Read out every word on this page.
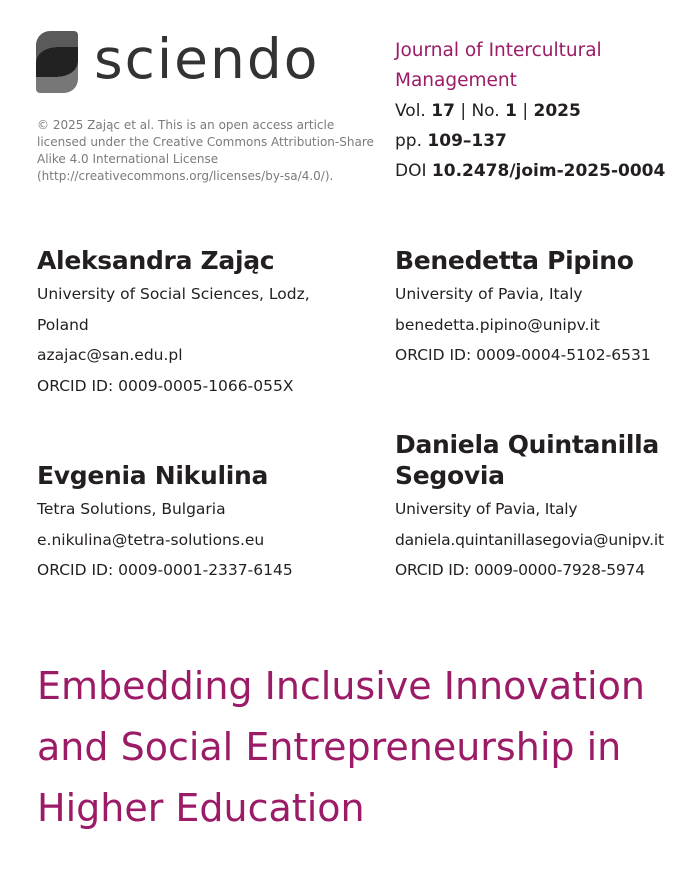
sciendo
© 2025 Zając et al. This is an open access article licensed under the Creative Commons Attribution-Share Alike 4.0 International License (http://creativecommons.org/licenses/by-sa/4.0/).

Journal of Intercultural Management

Vol. 17 | No. 1 | 2025

pp. 109–137

DOI 10.2478/joim-2025-0004

Aleksandra Zając

University of Social Sciences, Lodz,
Poland

azajac@san.edu.pl

ORCID ID: 0009-0005-1066-055X

Benedetta Pipino

University of Pavia, Italy

benedetta.pipino@unipv.it

ORCID ID: 0009-0004-5102-6531

Evgenia Nikulina

Tetra Solutions, Bulgaria

e.nikulina@tetra-solutions.eu

ORCID ID: 0009-0001-2337-6145

Daniela Quintanilla
Segovia

University of Pavia, Italy

daniela.quintanillasegovia@unipv.it

ORCID ID: 0009-0000-7928-5974

Embedding Inclusive Innovation and Social Entrepreneurship in Higher Education
